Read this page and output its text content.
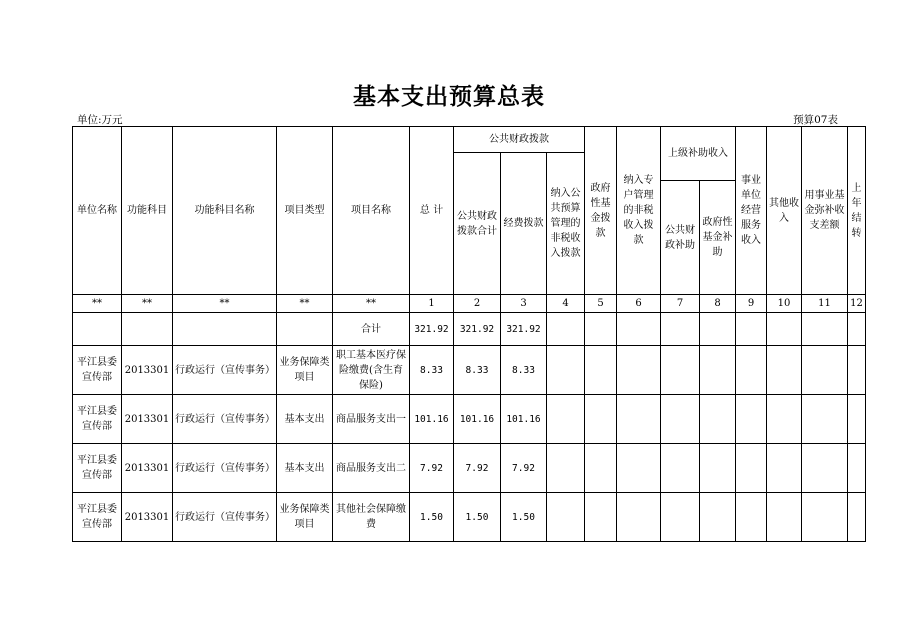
基本支出预算总表
单位:万元	预算07表
单位名称	功能科目	功能科目名称	项目类型	项目名称	总 计	公共财政拨款			政府性基金拨款	纳入专户管理的非税收入拨款	上级补助收入		事业单位经营服务收入	其他收入	用事业基金弥补收支差额	上年结转
						公共财政拨款合计	经费拨款	纳入公共预算管理的非税收入拨款								
											公共财政补助	政府性基金补助				
**	**	**	**	**	1	2	3	4	5	6	7	8	9	10	11	12
				合计	321.92	321.92	321.92									
平江县委宣传部	2013301	行政运行（宣传事务）	业务保障类项目	职工基本医疗保险缴费(含生育保险)	8.33	8.33	8.33									
平江县委宣传部	2013301	行政运行（宣传事务）	基本支出	商品服务支出一	101.16	101.16	101.16									
平江县委宣传部	2013301	行政运行（宣传事务）	基本支出	商品服务支出二	7.92	7.92	7.92									
平江县委宣传部	2013301	行政运行（宣传事务）	业务保障类项目	其他社会保障缴费	1.50	1.50	1.50									
